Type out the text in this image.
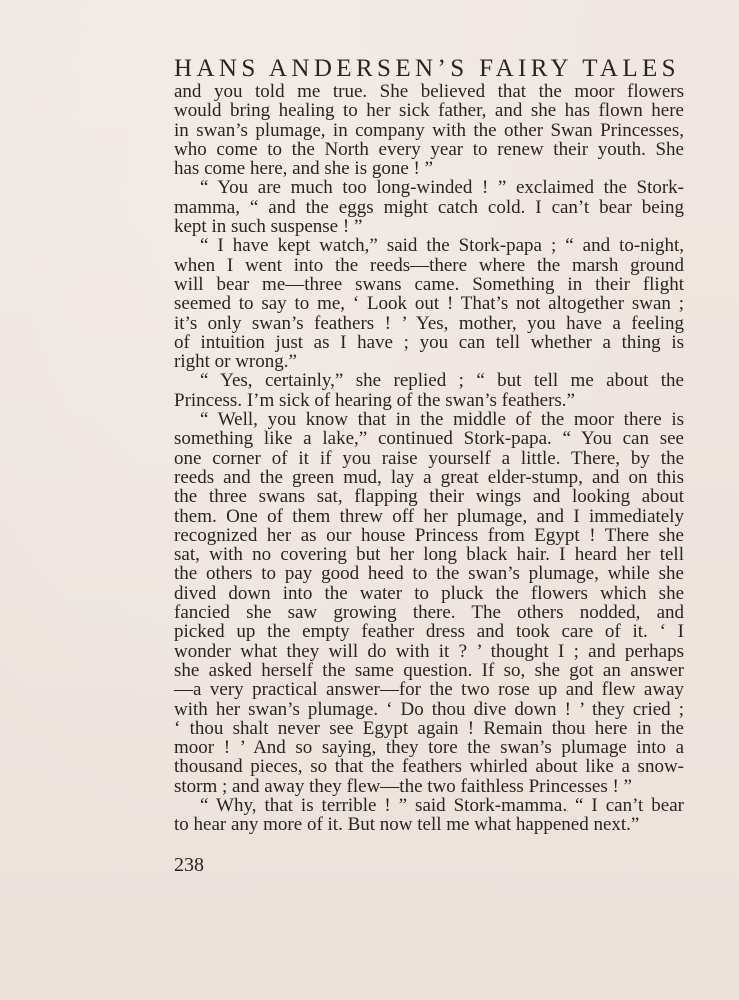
HANS ANDERSEN’S FAIRY TALES
and you told me true. She believed that the moor flowers
would bring healing to her sick father, and she has flown here
in swan’s plumage, in company with the other Swan Princesses,
who come to the North every year to renew their youth. She
has come here, and she is gone ! ”
“ You are much too long-winded ! ” exclaimed the Stork-
mamma, “ and the eggs might catch cold. I can’t bear being
kept in such suspense ! ”
“ I have kept watch,” said the Stork-papa ; “ and to-night,
when I went into the reeds—there where the marsh ground
will bear me—three swans came. Something in their flight
seemed to say to me, ‘ Look out ! That’s not altogether swan ;
it’s only swan’s feathers ! ’ Yes, mother, you have a feeling
of intuition just as I have ; you can tell whether a thing is
right or wrong.”
“ Yes, certainly,” she replied ; “ but tell me about the
Princess. I’m sick of hearing of the swan’s feathers.”
“ Well, you know that in the middle of the moor there is
something like a lake,” continued Stork-papa. “ You can see
one corner of it if you raise yourself a little. There, by the
reeds and the green mud, lay a great elder-stump, and on this
the three swans sat, flapping their wings and looking about
them. One of them threw off her plumage, and I immediately
recognized her as our house Princess from Egypt ! There she
sat, with no covering but her long black hair. I heard her tell
the others to pay good heed to the swan’s plumage, while she
dived down into the water to pluck the flowers which she
fancied she saw growing there. The others nodded, and
picked up the empty feather dress and took care of it. ‘ I
wonder what they will do with it ? ’ thought I ; and perhaps
she asked herself the same question. If so, she got an answer
—a very practical answer—for the two rose up and flew away
with her swan’s plumage. ‘ Do thou dive down ! ’ they cried ;
‘ thou shalt never see Egypt again ! Remain thou here in the
moor ! ’ And so saying, they tore the swan’s plumage into a
thousand pieces, so that the feathers whirled about like a snow-
storm ; and away they flew—the two faithless Princesses ! ”
“ Why, that is terrible ! ” said Stork-mamma. “ I can’t bear
to hear any more of it. But now tell me what happened next.”
238
